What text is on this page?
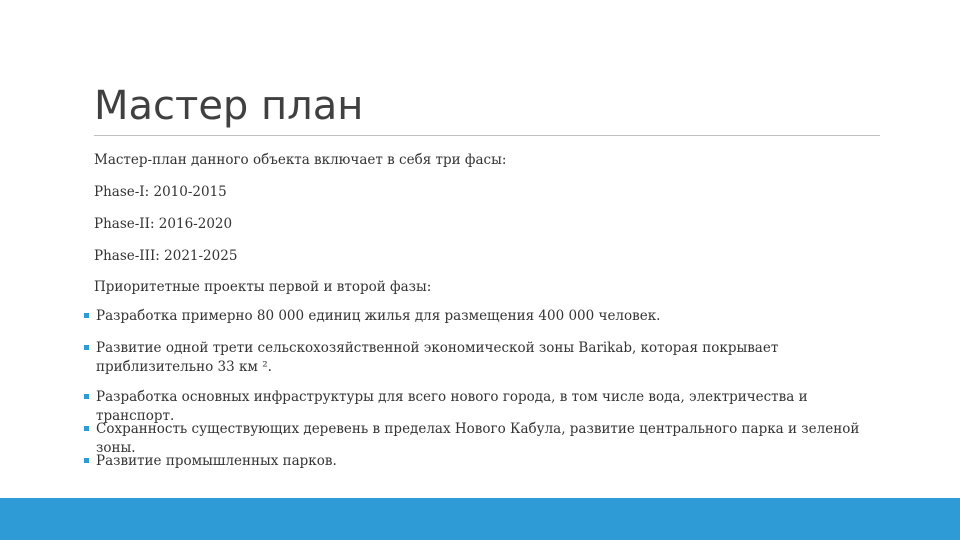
Мастер план

Мастер-план данного объекта включает в себя три фасы:

Phase-I: 2010-2015

Phase-II: 2016-2020

Phase-III: 2021-2025

Приоритетные проекты первой и второй фазы:

Разработка примерно 80 000 единиц жилья для размещения 400 000 человек.
Развитие одной трети сельскохозяйственной экономической зоны Barikab, которая покрывает приблизительно 33 км ².
Разработка основных инфраструктуры для всего нового города, в том числе вода, электричества и транспорт.
Сохранность существующих деревень в пределах Нового Кабула, развитие центрального парка и зеленой зоны.
Развитие промышленных парков.
